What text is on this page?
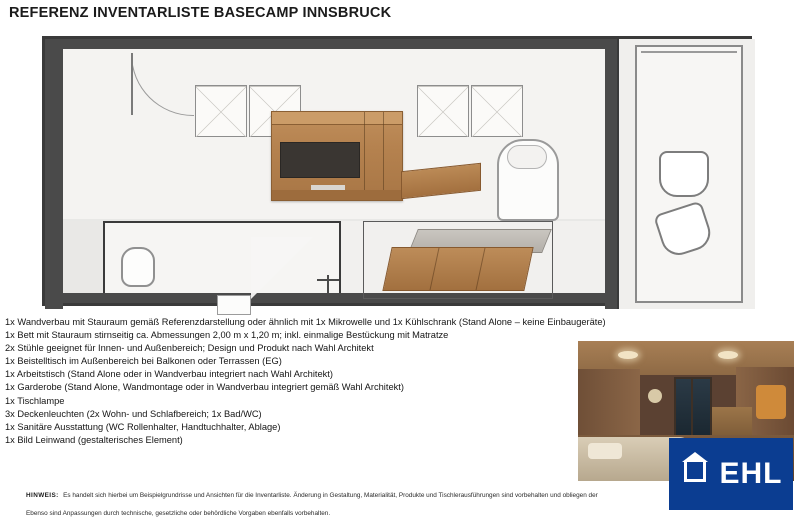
REFERENZ INVENTARLISTE BASECAMP INNSBRUCK
1x Wandverbau mit Stauraum gemäß Referenzdarstellung oder ähnlich mit 1x Mikrowelle und 1x Kühlschrank (Stand Alone – keine Einbaugeräte)
1x Bett mit Stauraum stirnseitig ca. Abmessungen 2,00 m x 1,20 m; inkl. einmalige Bestückung mit Matratze
2x Stühle geeignet für Innen- und Außenbereich; Design und Produkt nach Wahl Architekt
1x Beistelltisch im Außenbereich bei Balkonen oder Terrassen (EG)
1x Arbeitstisch (Stand Alone oder in Wandverbau integriert nach Wahl Architekt)
1x Garderobe (Stand Alone, Wandmontage oder in Wandverbau integriert gemäß Wahl Architekt)
1x Tischlampe
3x Deckenleuchten (2x Wohn- und Schlafbereich; 1x Bad/WC)
1x Sanitäre Ausstattung (WC Rollenhalter, Handtuchhalter, Ablage)
1x Bild Leinwand (gestalterisches Element)
EHL
HINWEIS: Es handelt sich hierbei um Beispielgrundrisse und Ansichten für die Inventarliste. Änderung in Gestaltung, Materialität, Produkte und Tischlerausführungen sind vorbehalten und obliegen der
Ebenso sind Anpassungen durch technische, gesetzliche oder behördliche Vorgaben ebenfalls vorbehalten.
